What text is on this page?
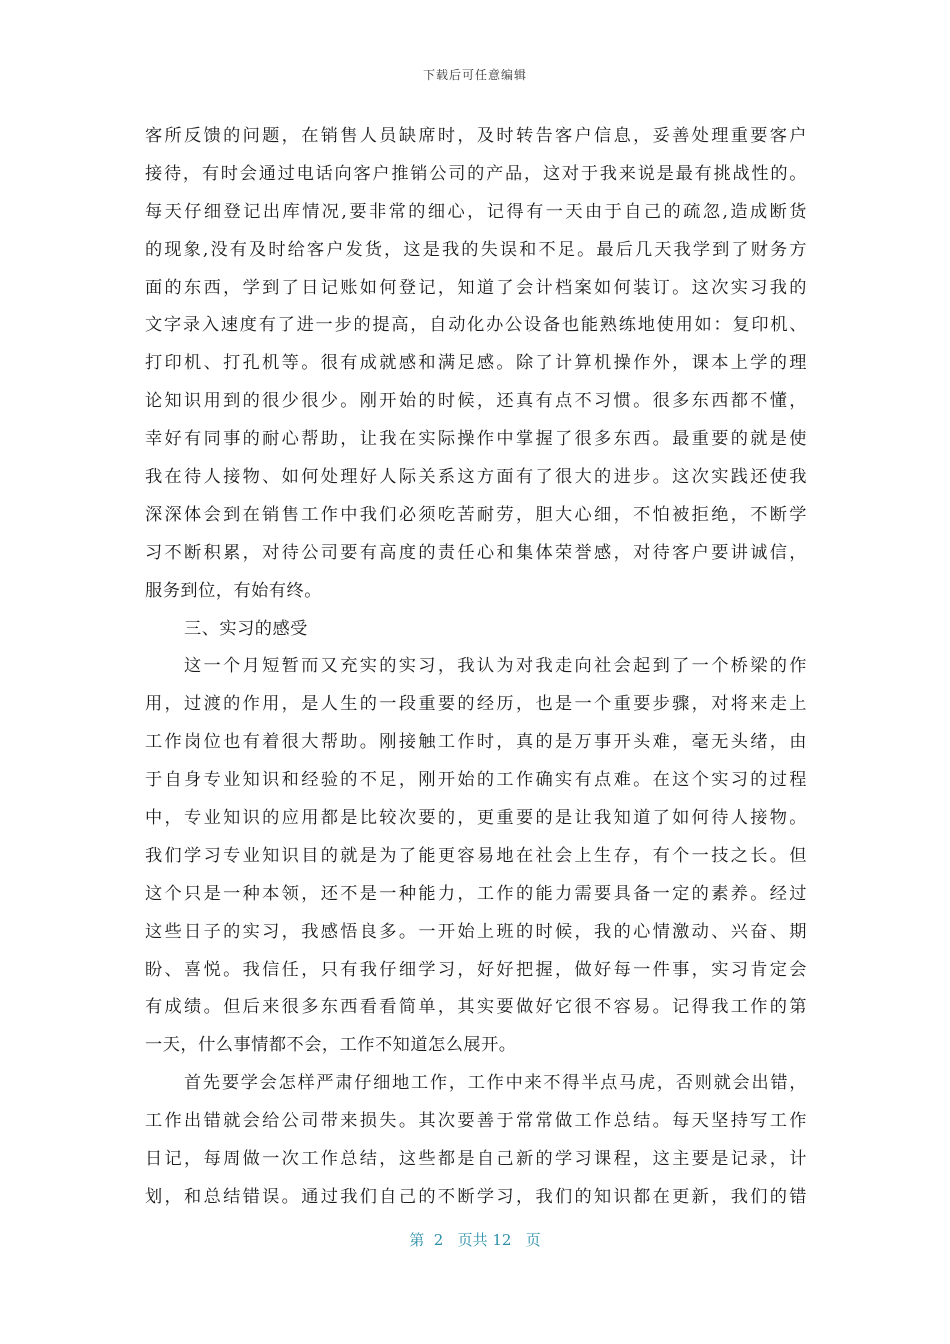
下载后可任意编辑
客所反馈的问题，在销售人员缺席时，及时转告客户信息，妥善处理重要客户
接待，有时会通过电话向客户推销公司的产品，这对于我来说是最有挑战性的。
每天仔细登记出库情况,要非常的细心，记得有一天由于自己的疏忽,造成断货
的现象,没有及时给客户发货，这是我的失误和不足。最后几天我学到了财务方
面的东西，学到了日记账如何登记，知道了会计档案如何装订。这次实习我的
文字录入速度有了进一步的提高，自动化办公设备也能熟练地使用如：复印机、
打印机、打孔机等。很有成就感和满足感。除了计算机操作外，课本上学的理
论知识用到的很少很少。刚开始的时候，还真有点不习惯。很多东西都不懂，
幸好有同事的耐心帮助，让我在实际操作中掌握了很多东西。最重要的就是使
我在待人接物、如何处理好人际关系这方面有了很大的进步。这次实践还使我
深深体会到在销售工作中我们必须吃苦耐劳，胆大心细，不怕被拒绝，不断学
习不断积累，对待公司要有高度的责任心和集体荣誉感，对待客户要讲诚信，
服务到位，有始有终。
三、实习的感受
这一个月短暂而又充实的实习，我认为对我走向社会起到了一个桥梁的作
用，过渡的作用，是人生的一段重要的经历，也是一个重要步骤，对将来走上
工作岗位也有着很大帮助。刚接触工作时，真的是万事开头难，毫无头绪，由
于自身专业知识和经验的不足，刚开始的工作确实有点难。在这个实习的过程
中，专业知识的应用都是比较次要的，更重要的是让我知道了如何待人接物。
我们学习专业知识目的就是为了能更容易地在社会上生存，有个一技之长。但
这个只是一种本领，还不是一种能力，工作的能力需要具备一定的素养。经过
这些日子的实习，我感悟良多。一开始上班的时候，我的心情激动、兴奋、期
盼、喜悦。我信任，只有我仔细学习，好好把握，做好每一件事，实习肯定会
有成绩。但后来很多东西看看简单，其实要做好它很不容易。记得我工作的第
一天，什么事情都不会，工作不知道怎么展开。
首先要学会怎样严肃仔细地工作，工作中来不得半点马虎，否则就会出错，
工作出错就会给公司带来损失。其次要善于常常做工作总结。每天坚持写工作
日记，每周做一次工作总结，这些都是自己新的学习课程，这主要是记录，计
划，和总结错误。通过我们自己的不断学习，我们的知识都在更新，我们的错
第  2   页共 12   页
